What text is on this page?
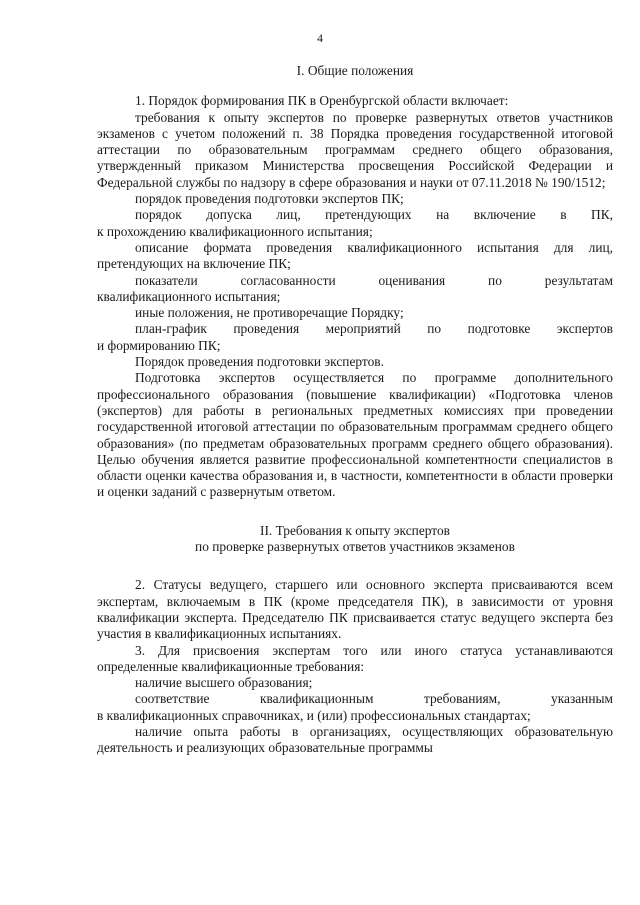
4

I. Общие положения

1. Порядок формирования ПК в Оренбургской области включает:

требования к опыту экспертов по проверке развернутых ответов участников экзаменов с учетом положений п. 38 Порядка проведения государственной итоговой аттестации по образовательным программам среднего общего образования, утвержденный приказом Министерства просвещения Российской Федерации и Федеральной службы по надзору в сфере образования и науки от 07.11.2018 № 190/1512;

порядок проведения подготовки экспертов ПК;

порядок допуска лиц, претендующих на включение в ПК,

к прохождению квалификационного испытания;

описание формата проведения квалификационного испытания для лиц, претендующих на включение ПК;

показатели согласованности оценивания по результатам

квалификационного испытания;

иные положения, не противоречащие Порядку;

план-график проведения мероприятий по подготовке экспертов

и формированию ПК;

Порядок проведения подготовки экспертов.

Подготовка экспертов осуществляется по программе дополнительного профессионального образования (повышение квалификации) «Подготовка членов (экспертов) для работы в региональных предметных комиссиях при проведении государственной итоговой аттестации по образовательным программам среднего общего образования» (по предметам образовательных программ среднего общего образования). Целью обучения является развитие профессиональной компетентности специалистов в области оценки качества образования и, в частности, компетентности в области проверки и оценки заданий с развернутым ответом.

II. Требования к опыту экспертов

по проверке развернутых ответов участников экзаменов

2. Статусы ведущего, старшего или основного эксперта присваиваются всем экспертам, включаемым в ПК (кроме председателя ПК), в зависимости от уровня квалификации эксперта. Председателю ПК присваивается статус ведущего эксперта без участия в квалификационных испытаниях.

3. Для присвоения экспертам того или иного статуса устанавливаются определенные квалификационные требования:

наличие высшего образования;

соответствие квалификационным требованиям, указанным

в квалификационных справочниках, и (или) профессиональных стандартах;

наличие опыта работы в организациях, осуществляющих образовательную деятельность и реализующих образовательные программы
